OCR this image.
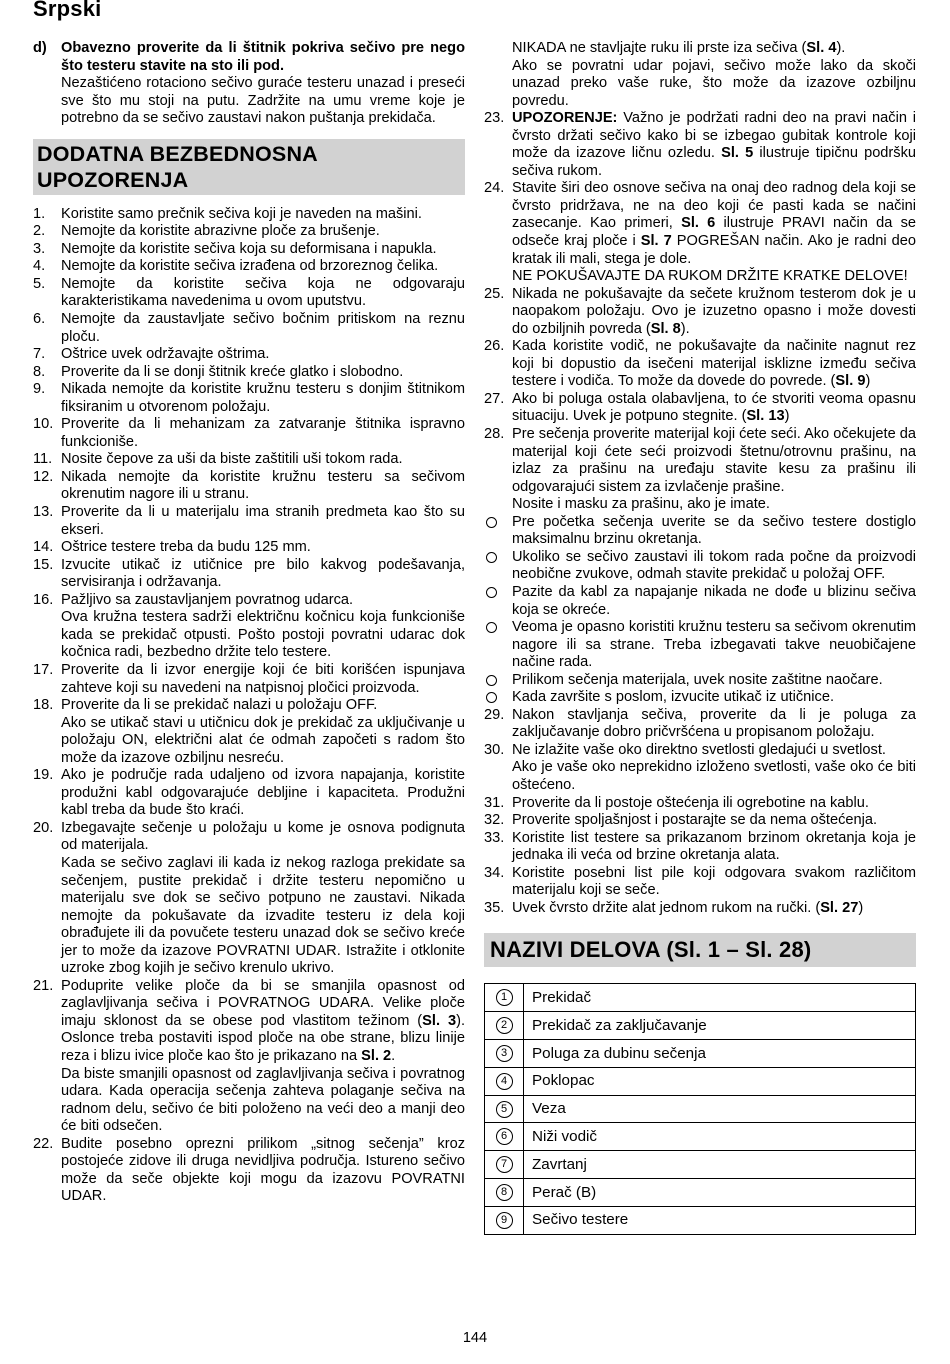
Srpski
d) Obavezno proverite da li štitnik pokriva sečivo pre nego što testeru stavite na sto ili pod.

Nezaštićeno rotaciono sečivo guraće testeru unazad i preseći sve što mu stoji na putu. Zadržite na umu vreme koje je potrebno da se sečivo zaustavi nakon puštanja prekidača.

DODATNA BEZBEDNOSNA UPOZORENJA
1.	Koristite samo prečnik sečiva koji je naveden na mašini.

2.	Nemojte da koristite abrazivne ploče za brušenje.

3.	Nemojte da koristite sečiva koja su deformisana i napukla.

4.	Nemojte da koristite sečiva izrađena od brzoreznog čelika.

5.	Nemojte da koristite sečiva koja ne odgovaraju karakteristikama navedenima u ovom uputstvu.

6.	Nemojte da zaustavljate sečivo bočnim pritiskom na reznu ploču.

7.	Oštrice uvek održavajte oštrima.

8.	Proverite da li se donji štitnik kreće glatko i slobodno.

9.	Nikada nemojte da koristite kružnu testeru s donjim štitnikom fiksiranim u otvorenom položaju.

10. Proverite da li mehanizam za zatvaranje štitnika ispravno funkcioniše.

11. Nosite čepove za uši da biste zaštitili uši tokom rada.

12. Nikada nemojte da koristite kružnu testeru sa sečivom okrenutim nagore ili u stranu.

13. Proverite da li u materijalu ima stranih predmeta kao što su ekseri.

14. Oštrice testere treba da budu 125 mm.

15. Izvucite utikač iz utičnice pre bilo kakvog podešavanja, servisiranja i održavanja.

16. Pažljivo sa zaustavljanjem povratnog udarca.

Ova kružna testera sadrži električnu kočnicu koja funkcioniše kada se prekidač otpusti. Pošto postoji povratni udarac dok kočnica radi, bezbedno držite telo testere.

17. Proverite da li izvor energije koji će biti korišćen ispunjava zahteve koji su navedeni na natpisnoj pločici proizvoda.

18. Proverite da li se prekidač nalazi u položaju OFF.

Ako se utikač stavi u utičnicu dok je prekidač za uključivanje u položaju ON, električni alat će odmah započeti s radom što može da izazove ozbiljnu nesreću.

19. Ako je područje rada udaljeno od izvora napajanja, koristite produžni kabl odgovarajuće debljine i kapaciteta. Produžni kabl treba da bude što kraći.

20. Izbegavajte sečenje u položaju u kome je osnova podignuta od materijala.

Kada se sečivo zaglavi ili kada iz nekog razloga prekidate sa sečenjem, pustite prekidač i držite testeru nepomično u materijalu sve dok se sečivo potpuno ne zaustavi. Nikada nemojte da pokušavate da izvadite testeru iz dela koji obrađujete ili da povučete testeru unazad dok se sečivo kreće jer to može da izazove POVRATNI UDAR. Istražite i otklonite uzroke zbog kojih je sečivo krenulo ukrivo.

21. Poduprite velike ploče da bi se smanjila opasnost od zaglavljivanja sečiva i POVRATNOG UDARA. Velike ploče imaju sklonost da se obese pod vlastitom težinom (Sl. 3). Oslonce treba postaviti ispod ploče na obe strane, blizu linije reza i blizu ivice ploče kao što je prikazano na Sl. 2.

Da biste smanjili opasnost od zaglavljivanja sečiva i povratnog udara. Kada operacija sečenja zahteva polaganje sečiva na radnom delu, sečivo će biti položeno na veći deo a manji deo će biti odsečen.

22. Budite posebno oprezni prilikom „sitnog sečenja” kroz postojeće zidove ili druga nevidljiva područja. Isturenо sečivo može da seče objekte koji mogu da izazovu POVRATNI UDAR.

NIKADA ne stavljajte ruku ili prste iza sečiva (Sl. 4).

Ako se povratni udar pojavi, sečivo može lako da skoči unazad preko vaše ruke, što može da izazove ozbiljnu povredu.

23. UPOZORENJE: Važno je podržati radni deo na pravi način i čvrsto držati sečivo kako bi se izbegao gubitak kontrole koji može da izazove ličnu ozledu. Sl. 5 ilustruje tipičnu podršku sečiva rukom.
24. Stavite širi deo osnove sečiva na onaj deo radnog dela koji se čvrsto pridržava, ne na deo koji će pasti kada se načini zasecanje. Kao primeri, Sl. 6 ilustruje PRAVI način da se odseče kraj ploče i Sl. 7 POGREŠAN način. Ako je radni deo kratak ili mali, stega je dole.

NE POKUŠAVAJTE DA RUKOM DRŽITE KRATKE DELOVE!

25. Nikada ne pokušavajte da sečete kružnom testerom dok je u naopakom položaju. Ovo je izuzetno opasno i može dovesti do ozbiljnih povreda (Sl. 8).
26. Kada koristite vodič, ne pokušavajte da načinite nagnut rez koji bi dopustio da isečeni materijal isklizne između sečiva testere i vodiča. To može da dovede do povrede. (Sl. 9)
27. Ako bi poluga ostala olabavljena, to će stvoriti veoma opasnu situaciju. Uvek je potpuno stegnite. (Sl. 13)
28. Pre sečenja proverite materijal koji ćete seći. Ako očekujete da materijal koji ćete seći proizvodi štetnu/otrovnu prašinu, na izlaz za prašinu na uređaju stavite kesu za prašinu ili odgovarajući sistem za izvlačenje prašine.

Nosite i masku za prašinu, ako je imate.

Pre početka sečenja uverite se da sečivo testere dostiglo maksimalnu brzinu okretanja.
Ukoliko se sečivo zaustavi ili tokom rada počne da proizvodi neobične zvukove, odmah stavite prekidač u položaj OFF.
Pazite da kabl za napajanje nikada ne dođe u blizinu sečiva koja se okreće.
Veoma je opasno koristiti kružnu testeru sa sečivom okrenutim nagore ili sa strane. Treba izbegavati takve neuobičajene načine rada.
Prilikom sečenja materijala, uvek nosite zaštitne naočare.
Kada završite s poslom, izvucite utikač iz utičnice.
29. Nakon stavljanja sečiva, proverite da li je poluga za zaključavanje dobro pričvršćena u propisanom položaju.

30. Ne izlažite vaše oko direktno svetlosti gledajući u svetlost.

Ako je vaše oko neprekidno izloženo svetlosti, vaše oko će biti oštećeno.

31. Proverite da li postoje oštećenja ili ogrebotine na kablu.

32. Proverite spoljašnjost i postarajte se da nema oštećenja.

33. Koristite list testere sa prikazanom brzinom okretanja koja je jednaka ili veća od brzine okretanja alata.

34. Koristite posebni list pile koji odgovara svakom različitom materijalu koji se seče.

35. Uvek čvrsto držite alat jednom rukom na ručki. (Sl. 27)
NAZIVI DELOVA (Sl. 1 – Sl. 28)
1	Prekidač
2	Prekidač za zaključavanje
3	Poluga za dubinu sečenja
4	Poklopac
5	Veza
6	Niži vodič
7	Zavrtanj
8	Perač (B)
9	Sečivo testere
144
